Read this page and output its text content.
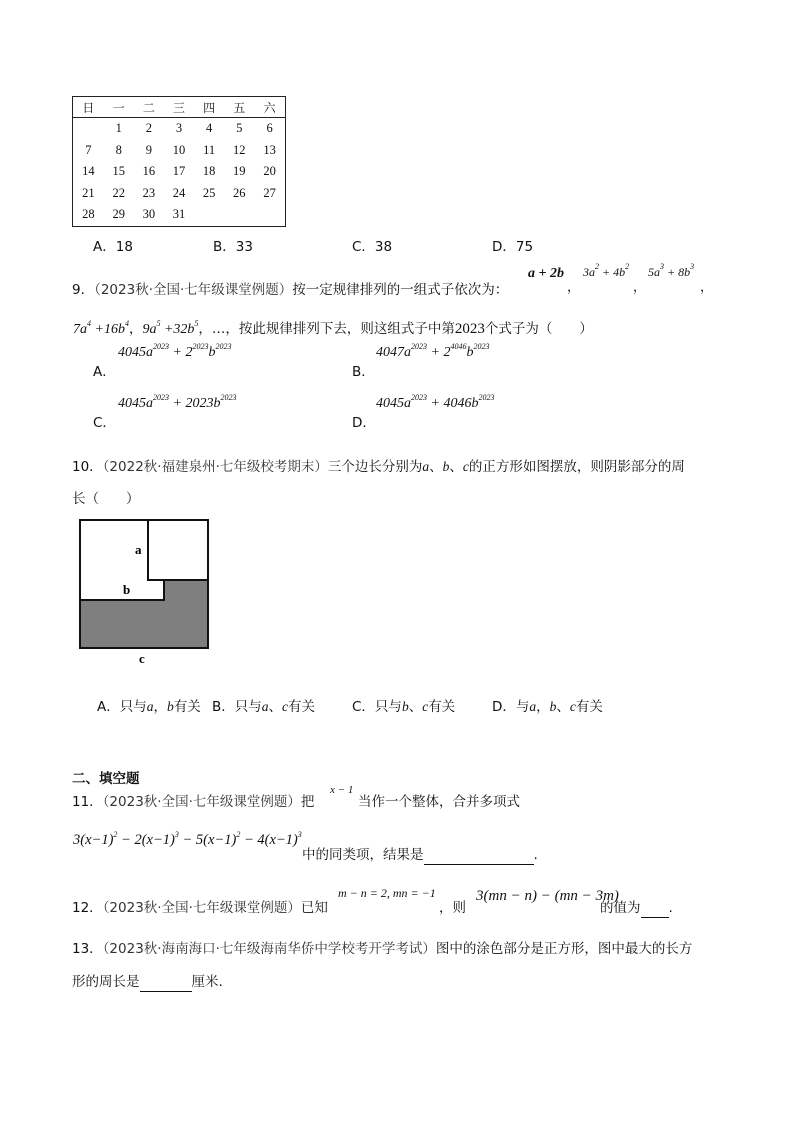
日	一	二	三	四	五	六
	1	2	3	4	5	6
7	8	9	10	11	12	13
14	15	16	17	18	19	20
21	22	23	24	25	26	27
28	29	30	31			
A．18	B．33	C．38	D．75
9．（2023秋·全国·七年级课堂例题）按一定规律排列的一组式子依次为：
a + 2b
，
$3a^2 + 4b^2$
，
$5a^3 + 8b^3$
，
$7a^4 +16b^4$，$9a^5 +32b^5$，…，按此规律排列下去，则这组式子中第2023个式子为（　　）
A．
$4045a^{2023} + 2^{2023}b^{2023}$
B．
$4047a^{2023} + 2^{4046}b^{2023}$
C．
$4045a^{2023} + 2023b^{2023}$
D．
$4045a^{2023} + 4046b^{2023}$
10．（2022秋·福建泉州·七年级校考期末）三个边长分别为a、b、c的正方形如图摆放，则阴影部分的周
长（　　）
a
b
c
A．只与a，b有关 B．只与a、c有关	C．只与b、c有关	D．与a，b、c有关
二、填空题
11．（2023秋·全国·七年级课堂例题）把
x − 1
当作一个整体，合并多项式
$3(x-1)^2 - 2(x-1)^3 - 5(x-1)^2 - 4(x-1)^3$
中的同类项，结果是	.
12．（2023秋·全国·七年级课堂例题）已知
m − n = 2, mn = −1
，则
3(mn − n) − (mn − 3m)
的值为 .
13．（2023秋·海南海口·七年级海南华侨中学校考开学考试）图中的涂色部分是正方形，图中最大的长方
形的周长是	厘米.
